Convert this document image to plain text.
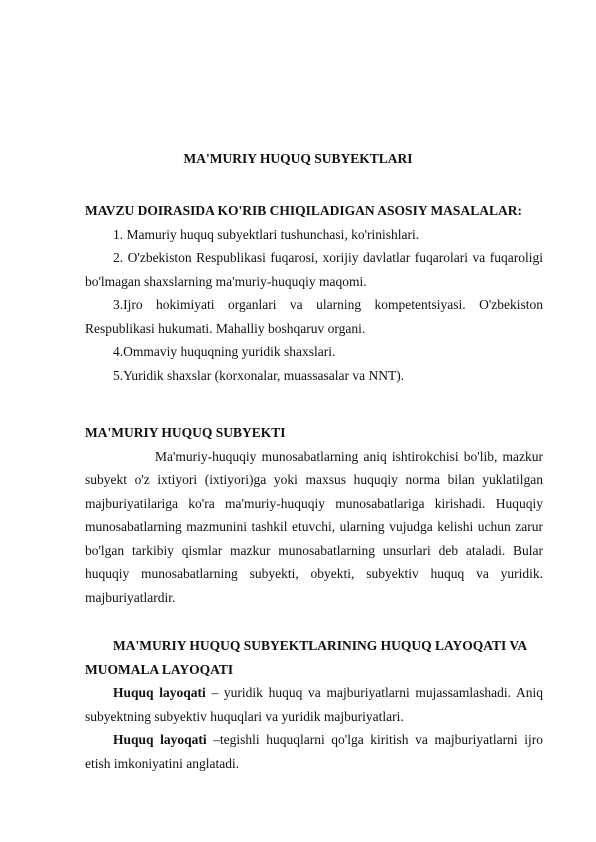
MA'MURIY HUQUQ SUBYEKTLARI

MAVZU DOIRASIDA KO'RIB CHIQILADIGAN ASOSIY MASALALAR:

1. Mamuriy huquq subyektlari tushunchasi, ko'rinishlari.

2. O'zbekiston Respublikasi fuqarosi, xorijiy davlatlar fuqarolari va fuqaroligi bo'lmagan shaxslarning ma'muriy-huquqiy maqomi.

3.Ijro hokimiyati organlari va ularning kompetentsiyasi. O'zbekiston Respublikasi hukumati. Mahalliy boshqaruv organi.

4.Ommaviy huquqning yuridik shaxslari.

5.Yuridik shaxslar (korxonalar, muassasalar va NNT).

MA'MURIY HUQUQ SUBYEKTI

Ma'muriy-huquqiy munosabatlarning aniq ishtirokchisi bo'lib, mazkur subyekt o'z ixtiyori (ixtiyori)ga yoki maxsus huquqiy norma bilan yuklatilgan majburiyatilariga ko'ra ma'muriy-huquqiy munosabatlariga kirishadi. Huquqiy munosabatlarning mazmunini tashkil etuvchi, ularning vujudga kelishi uchun zarur bo'lgan tarkibiy qismlar mazkur munosabatlarning unsurlari deb ataladi. Bular huquqiy munosabatlarning subyekti, obyekti, subyektiv huquq va yuridik. majburiyatlardir.

MA'MURIY HUQUQ SUBYEKTLARINING HUQUQ LAYOQATI VA MUOMALA LAYOQATI

Huquq layoqati – yuridik huquq va majburiyatlarni mujassamlashadi. Aniq subyektning subyektiv huquqlari va yuridik majburiyatlari.

Huquq layoqati –tegishli huquqlarni qo'lga kiritish va majburiyatlarni ijro etish imkoniyatini anglatadi.
